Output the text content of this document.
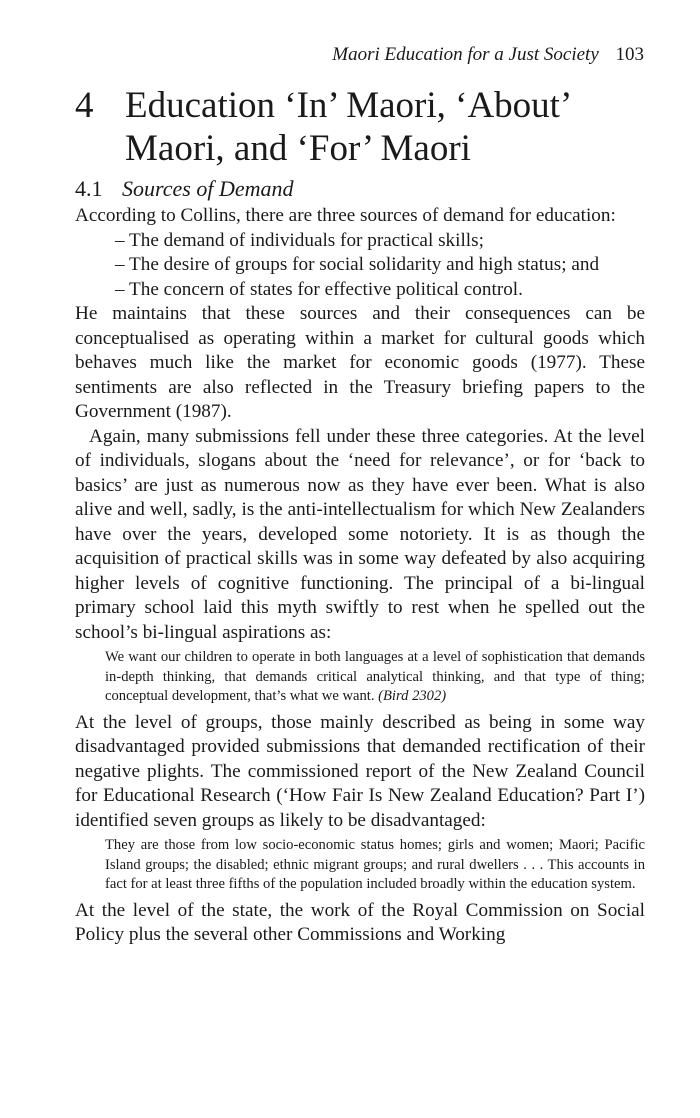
Maori Education for a Just Society 103
4 Education ‘In’ Maori, ‘About’ Maori, and ‘For’ Maori
4.1 Sources of Demand

According to Collins, there are three sources of demand for education:

– The demand of individuals for practical skills;
– The desire of groups for social solidarity and high status; and
– The concern of states for effective political control.

He maintains that these sources and their consequences can be conceptualised as operating within a market for cultural goods which behaves much like the market for economic goods (1977). These sentiments are also reflected in the Treasury briefing papers to the Government (1987).

Again, many submissions fell under these three categories. At the level of individuals, slogans about the ‘need for relevance’, or for ‘back to basics’ are just as numerous now as they have ever been. What is also alive and well, sadly, is the anti-intellectualism for which New Zealanders have over the years, developed some notoriety. It is as though the acquisition of practical skills was in some way defeated by also acquiring higher levels of cognitive functioning. The principal of a bi-lingual primary school laid this myth swiftly to rest when he spelled out the school’s bi-lingual aspirations as:

We want our children to operate in both languages at a level of sophistication that demands in-depth thinking, that demands critical analytical thinking, and that type of thing; conceptual development, that’s what we want. (Bird 2302)

At the level of groups, those mainly described as being in some way disadvantaged provided submissions that demanded rectification of their negative plights. The commissioned report of the New Zealand Council for Educational Research (‘How Fair Is New Zealand Education? Part I’) identified seven groups as likely to be disadvantaged:

They are those from low socio-economic status homes; girls and women; Maori; Pacific Island groups; the disabled; ethnic migrant groups; and rural dwellers . . . This accounts in fact for at least three fifths of the population included broadly within the education system.

At the level of the state, the work of the Royal Commission on Social Policy plus the several other Commissions and Working
